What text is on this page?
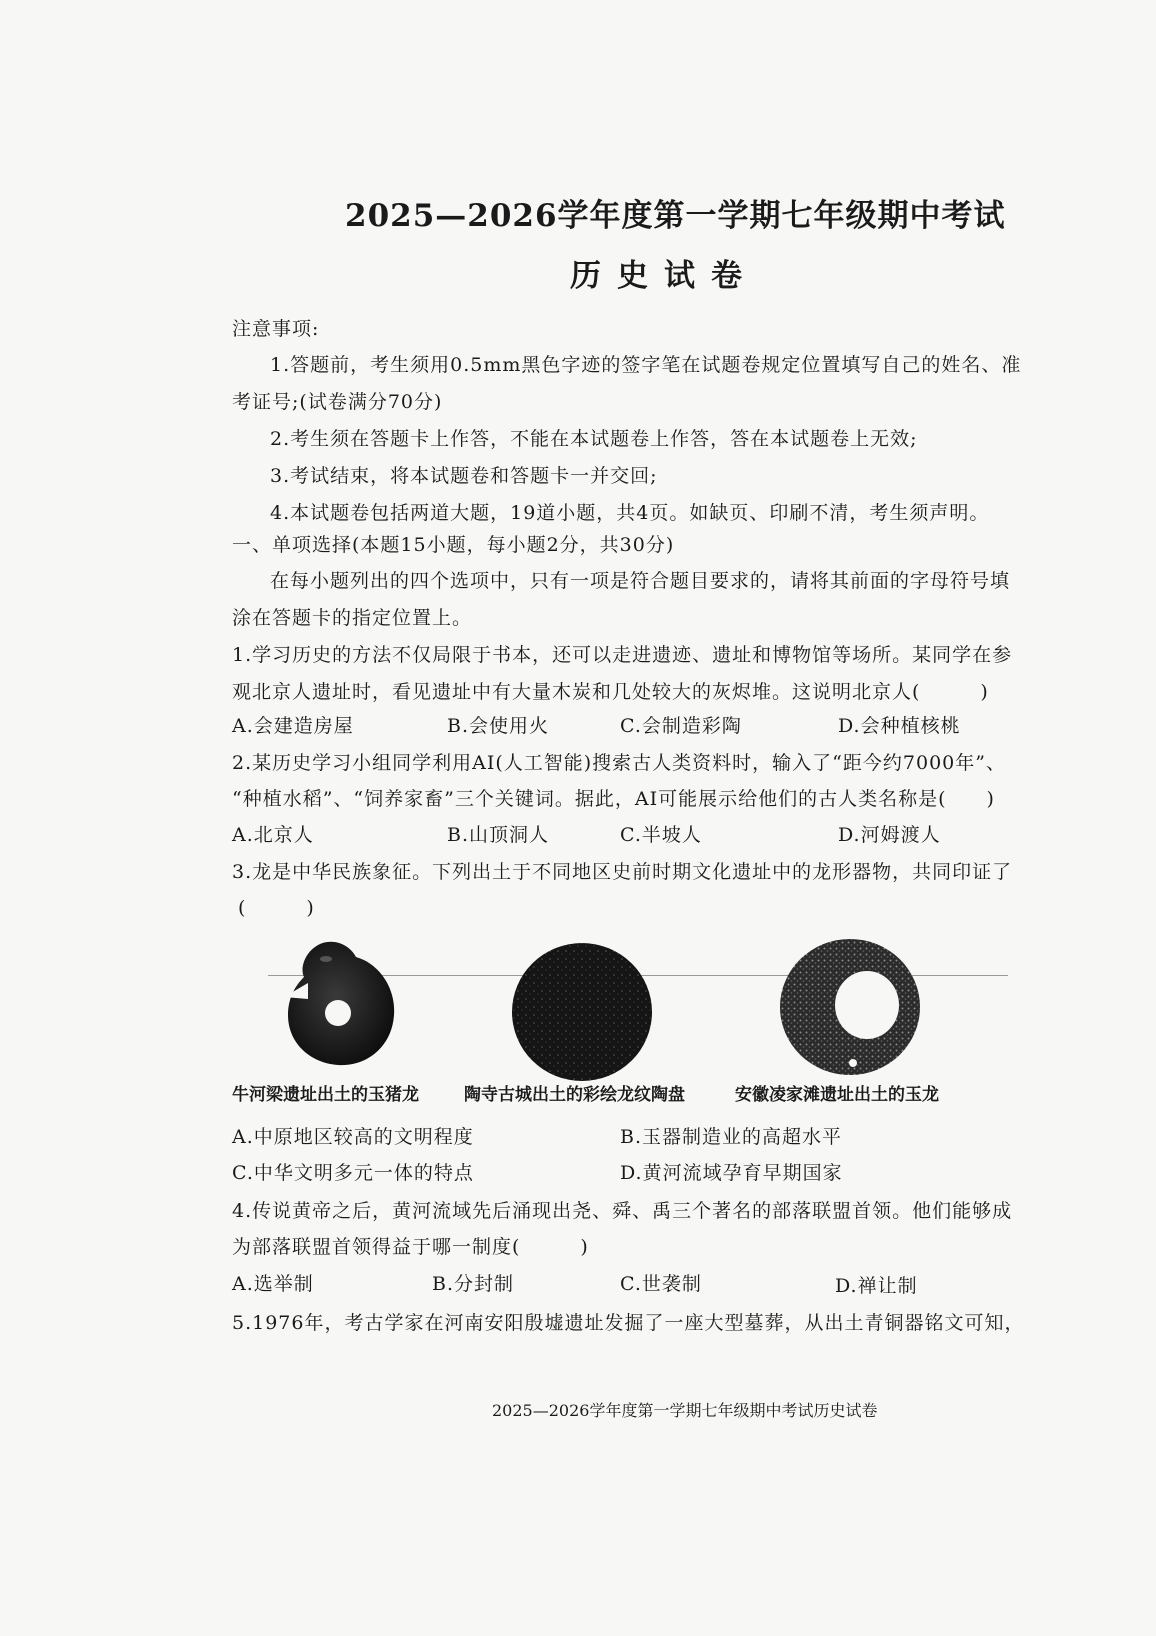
2025—2026学年度第一学期七年级期中考试
历史试卷
注意事项:
1.答题前，考生须用0.5mm黑色字迹的签字笔在试题卷规定位置填写自己的姓名、准
考证号;(试卷满分70分)
2.考生须在答题卡上作答，不能在本试题卷上作答，答在本试题卷上无效;
3.考试结束，将本试题卷和答题卡一并交回;
4.本试题卷包括两道大题，19道小题，共4页。如缺页、印刷不清，考生须声明。
一、单项选择(本题15小题，每小题2分，共30分)
在每小题列出的四个选项中，只有一项是符合题目要求的，请将其前面的字母符号填
涂在答题卡的指定位置上。
1.学习历史的方法不仅局限于书本，还可以走进遗迹、遗址和博物馆等场所。某同学在参
观北京人遗址时，看见遗址中有大量木炭和几处较大的灰烬堆。这说明北京人(　　　)
A.会建造房屋	B.会使用火	C.会制造彩陶	D.会种植核桃
2.某历史学习小组同学利用AI(人工智能)搜索古人类资料时，输入了“距今约7000年”、
“种植水稻”、“饲养家畜”三个关键词。据此，AI可能展示给他们的古人类名称是(　　)
A.北京人	B.山顶洞人	C.半坡人	D.河姆渡人
3.龙是中华民族象征。下列出土于不同地区史前时期文化遗址中的龙形器物，共同印证了
(　　　)
牛河梁遗址出土的玉猪龙	陶寺古城出土的彩绘龙纹陶盘	安徽凌家滩遗址出土的玉龙
A.中原地区较高的文明程度	B.玉器制造业的高超水平
C.中华文明多元一体的特点	D.黄河流域孕育早期国家
4.传说黄帝之后，黄河流域先后涌现出尧、舜、禹三个著名的部落联盟首领。他们能够成
为部落联盟首领得益于哪一制度(　　　)
A.选举制	B.分封制	C.世袭制	D.禅让制
5.1976年，考古学家在河南安阳殷墟遗址发掘了一座大型墓葬，从出土青铜器铭文可知，
2025—2026学年度第一学期七年级期中考试历史试卷
